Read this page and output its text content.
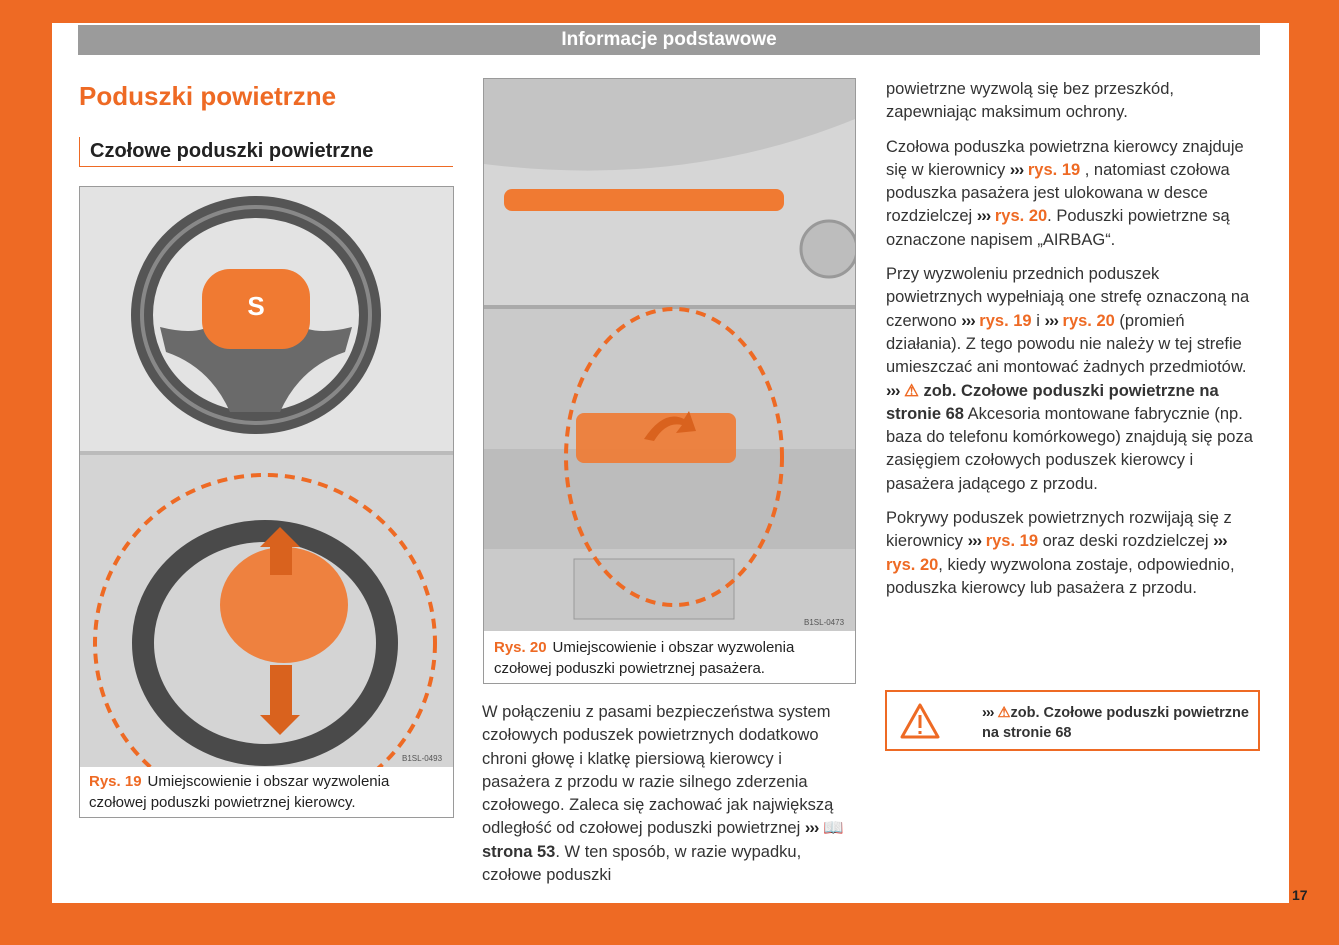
Informacje podstawowe
Poduszki powietrzne
Czołowe poduszki powietrzne
S
B1SL-0493
Rys. 19 Umiejscowienie i obszar wyzwolenia czołowej poduszki powietrznej kierowcy.
B1SL-0473
Rys. 20 Umiejscowienie i obszar wyzwolenia czołowej poduszki powietrznej pasażera.

W połączeniu z pasami bezpieczeństwa system czołowych poduszek powietrznych dodatkowo chroni głowę i klatkę piersiową kierowcy i pasażera z przodu w razie silnego zderzenia czołowego. Zaleca się zachować jak największą odległość od czołowej poduszki powietrznej ››› 📖 strona 53. W ten sposób, w razie wypadku, czołowe poduszki

powietrzne wyzwolą się bez przeszkód, zapewniając maksimum ochrony.

Czołowa poduszka powietrzna kierowcy znajduje się w kierownicy ››› rys. 19 , natomiast czołowa poduszka pasażera jest ulokowana w desce rozdzielczej ››› rys. 20. Poduszki powietrzne są oznaczone napisem „AIRBAG“.

Przy wyzwoleniu przednich poduszek powietrznych wypełniają one strefę oznaczoną na czerwono ››› rys. 19 i ››› rys. 20 (promień działania). Z tego powodu nie należy w tej strefie umieszczać ani montować żadnych przedmiotów. ››› ⚠ zob. Czołowe poduszki powietrzne na stronie 68 Akcesoria montowane fabrycznie (np. baza do telefonu komórkowego) znajdują się poza zasięgiem czołowych poduszek kierowcy i pasażera jadącego z przodu.

Pokrywy poduszek powietrznych rozwijają się z kierownicy ››› rys. 19 oraz deski rozdzielczej ››› rys. 20, kiedy wyzwolona zostaje, odpowiednio, poduszka kierowcy lub pasażera z przodu.

››› ⚠zob. Czołowe poduszki powietrzne na stronie 68
17
